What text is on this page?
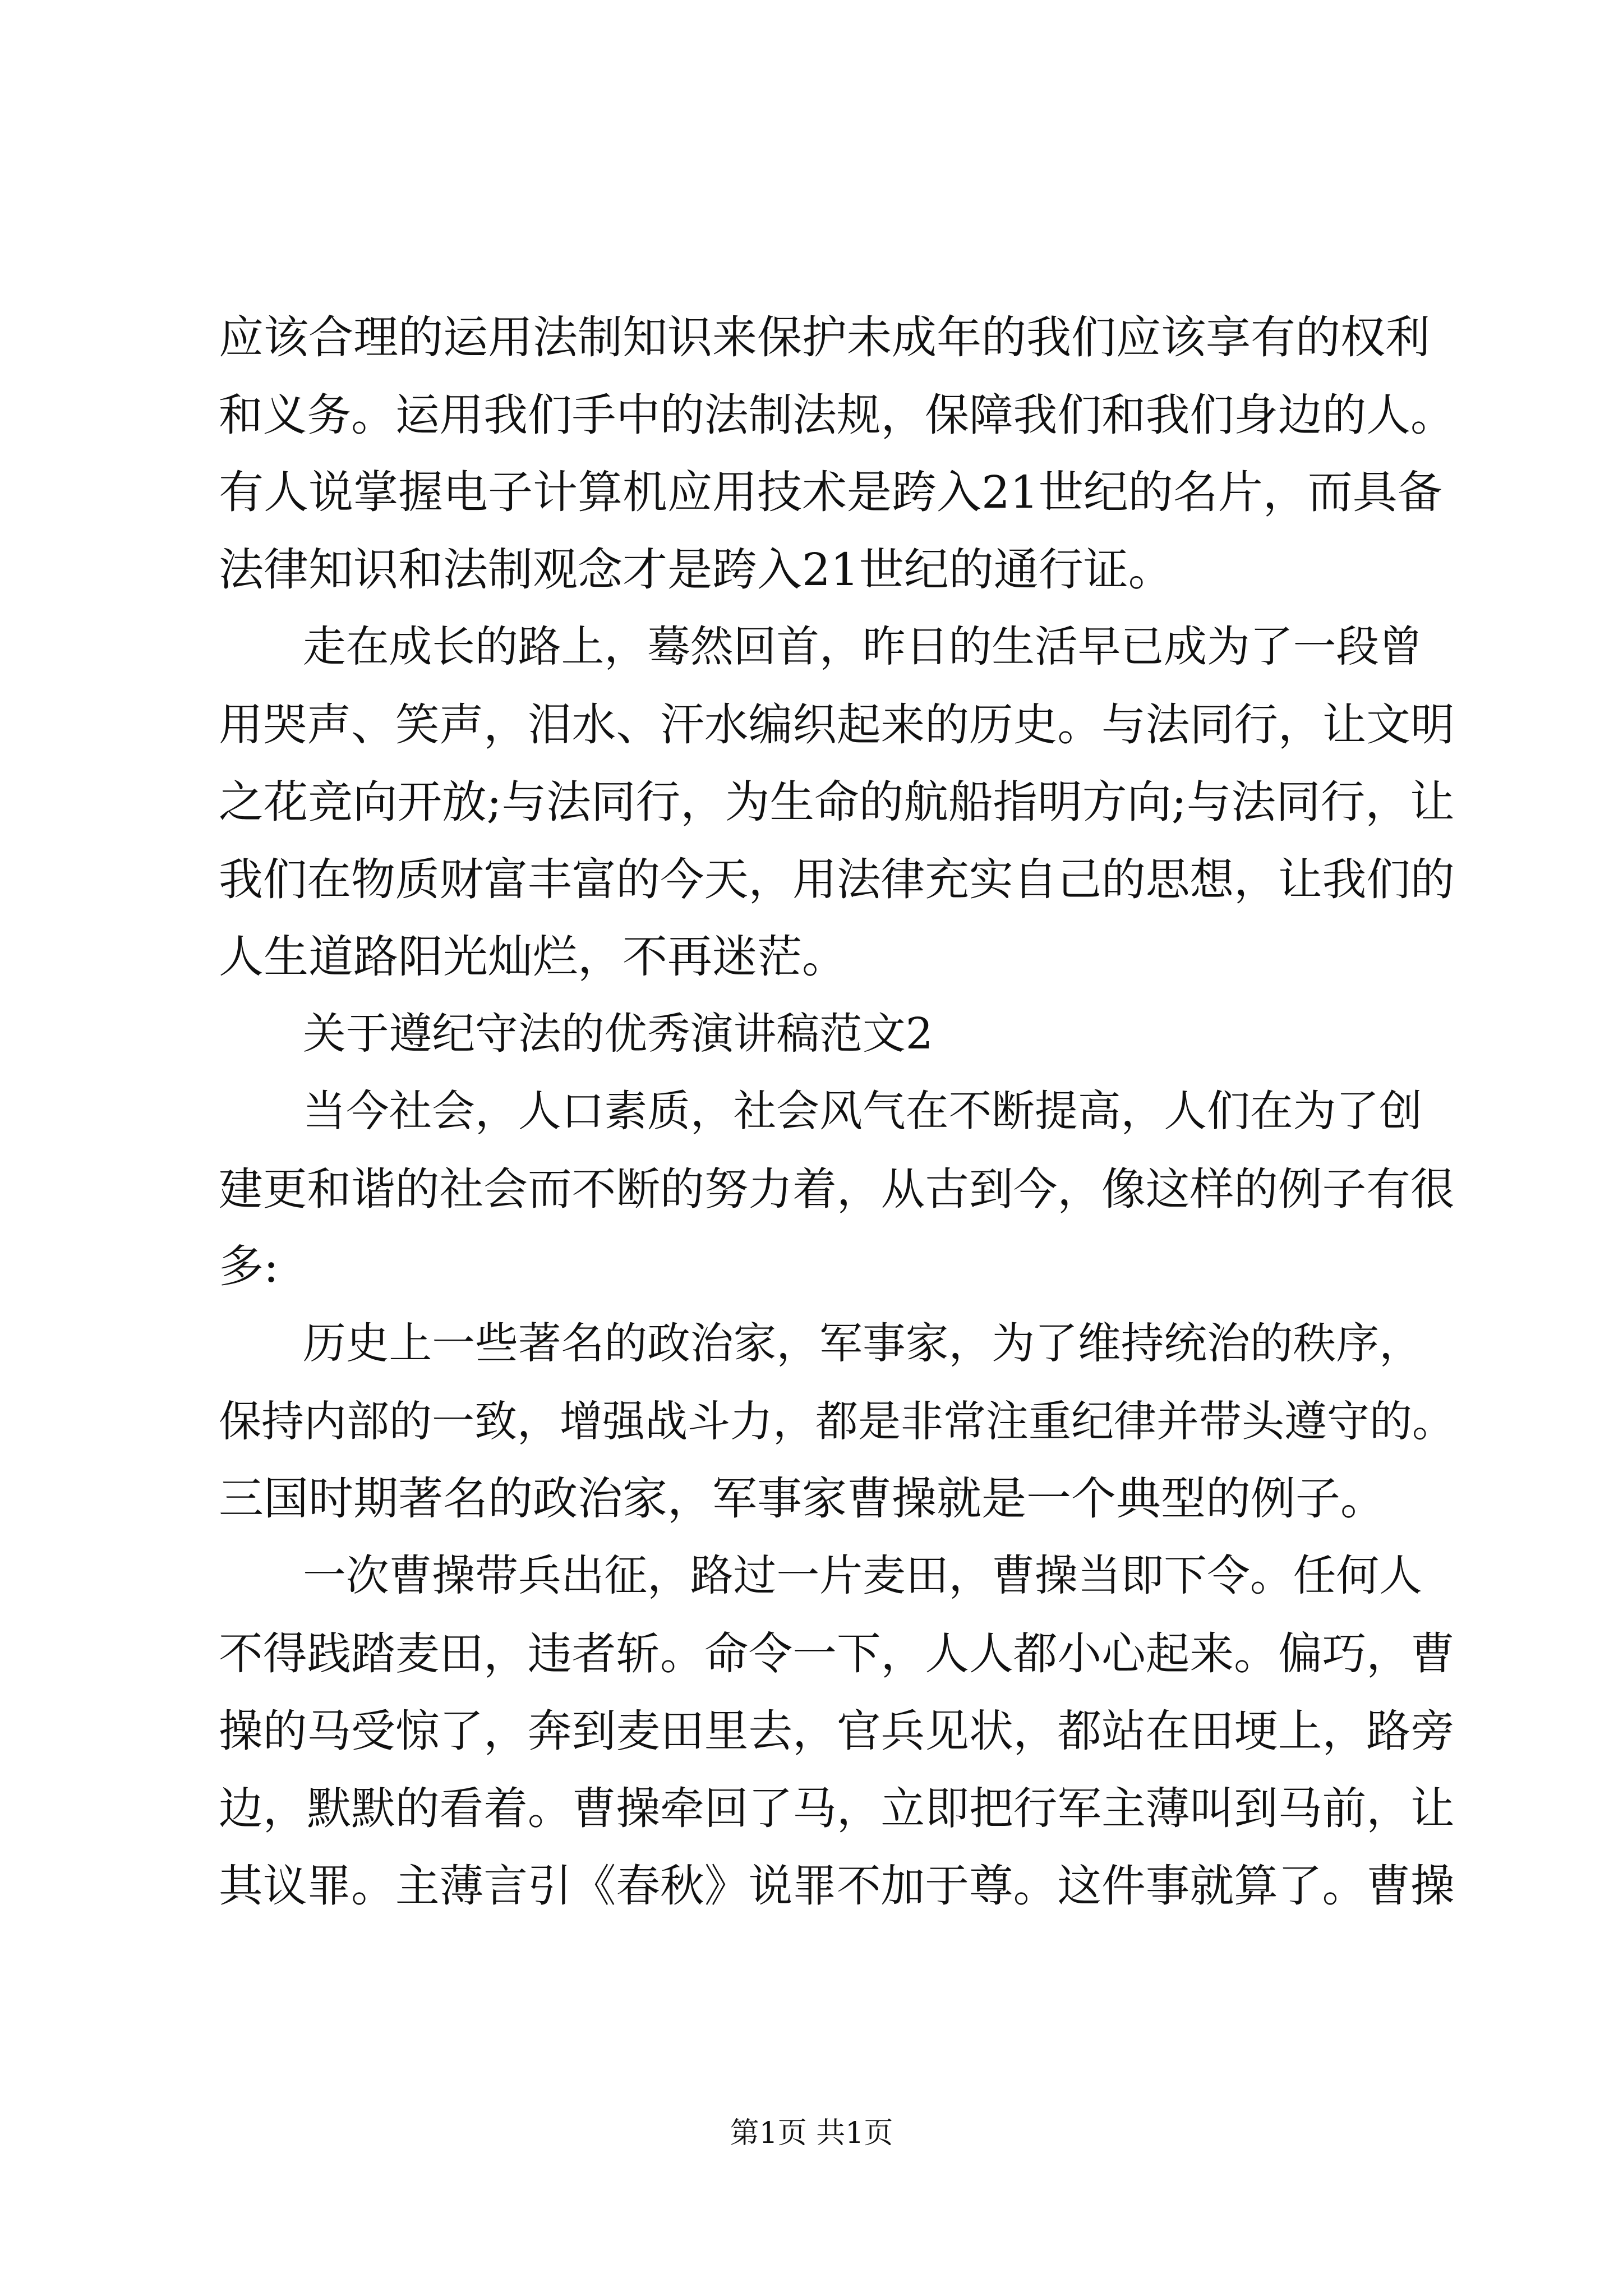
应该合理的运用法制知识来保护未成年的我们应该享有的权利
和义务。运用我们手中的法制法规，保障我们和我们身边的人。
有人说掌握电子计算机应用技术是跨入21世纪的名片，而具备
法律知识和法制观念才是跨入21世纪的通行证。
走在成长的路上，蓦然回首，昨日的生活早已成为了一段曾
用哭声、笑声，泪水、汗水编织起来的历史。与法同行，让文明
之花竞向开放;与法同行，为生命的航船指明方向;与法同行，让
我们在物质财富丰富的今天，用法律充实自己的思想，让我们的
人生道路阳光灿烂，不再迷茫。
关于遵纪守法的优秀演讲稿范文2
当今社会，人口素质，社会风气在不断提高，人们在为了创
建更和谐的社会而不断的努力着，从古到今，像这样的例子有很
多:
历史上一些著名的政治家，军事家，为了维持统治的秩序，
保持内部的一致，增强战斗力，都是非常注重纪律并带头遵守的。
三国时期著名的政治家，军事家曹操就是一个典型的例子。
一次曹操带兵出征，路过一片麦田，曹操当即下令。任何人
不得践踏麦田，违者斩。命令一下，人人都小心起来。偏巧，曹
操的马受惊了，奔到麦田里去，官兵见状，都站在田埂上，路旁
边，默默的看着。曹操牵回了马，立即把行军主薄叫到马前，让
其议罪。主薄言引《春秋》说罪不加于尊。这件事就算了。曹操
第1页 共1页
